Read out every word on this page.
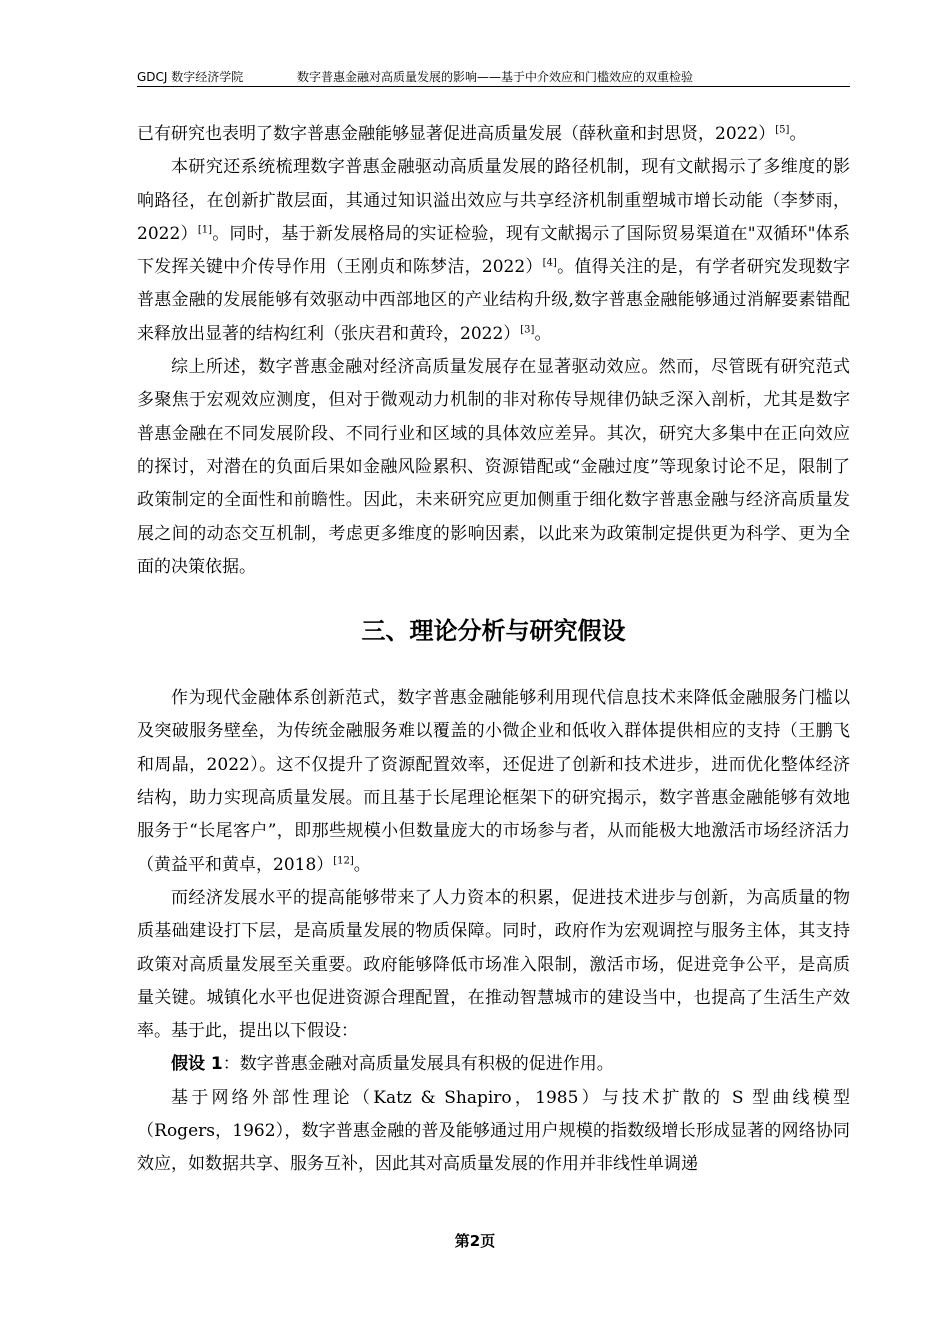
GDCJ 数字经济学院	数字普惠金融对高质量发展的影响——基于中介效应和门槛效应的双重检验

已有研究也表明了数字普惠金融能够显著促进高质量发展（薛秋童和封思贤，2022）[5]。

本研究还系统梳理数字普惠金融驱动高质量发展的路径机制，现有文献揭示了多维度的影响路径，在创新扩散层面，其通过知识溢出效应与共享经济机制重塑城市增长动能（李梦雨，2022）[1]。同时，基于新发展格局的实证检验，现有文献揭示了国际贸易渠道在"双循环"体系下发挥关键中介传导作用（王刚贞和陈梦洁，2022）[4]。值得关注的是，有学者研究发现数字普惠金融的发展能够有效驱动中西部地区的产业结构升级,数字普惠金融能够通过消解要素错配来释放出显著的结构红利（张庆君和黄玲，2022）[3]。

综上所述，数字普惠金融对经济高质量发展存在显著驱动效应。然而，尽管既有研究范式多聚焦于宏观效应测度，但对于微观动力机制的非对称传导规律仍缺乏深入剖析，尤其是数字普惠金融在不同发展阶段、不同行业和区域的具体效应差异。其次，研究大多集中在正向效应的探讨，对潜在的负面后果如金融风险累积、资源错配或“金融过度”等现象讨论不足，限制了政策制定的全面性和前瞻性。因此，未来研究应更加侧重于细化数字普惠金融与经济高质量发展之间的动态交互机制，考虑更多维度的影响因素，以此来为政策制定提供更为科学、更为全面的决策依据。

三、理论分析与研究假设

作为现代金融体系创新范式，数字普惠金融能够利用现代信息技术来降低金融服务门槛以及突破服务壁垒，为传统金融服务难以覆盖的小微企业和低收入群体提供相应的支持（王鹏飞和周晶，2022）。这不仅提升了资源配置效率，还促进了创新和技术进步，进而优化整体经济结构，助力实现高质量发展。而且基于长尾理论框架下的研究揭示，数字普惠金融能够有效地服务于“长尾客户”，即那些规模小但数量庞大的市场参与者，从而能极大地激活市场经济活力（黄益平和黄卓，2018）[12]。

而经济发展水平的提高能够带来了人力资本的积累，促进技术进步与创新，为高质量的物质基础建设打下层，是高质量发展的物质保障。同时，政府作为宏观调控与服务主体，其支持政策对高质量发展至关重要。政府能够降低市场准入限制，激活市场，促进竞争公平，是高质量关键。城镇化水平也促进资源合理配置，在推动智慧城市的建设当中，也提高了生活生产效率。基于此，提出以下假设：

假设 1：数字普惠金融对高质量发展具有积极的促进作用。

基于网络外部性理论（Katz & Shapiro，1985）与技术扩散的 S 型曲线模型（Rogers，1962），数字普惠金融的普及能够通过用户规模的指数级增长形成显著的网络协同效应，如数据共享、服务互补，因此其对高质量发展的作用并非线性单调递

第2页
